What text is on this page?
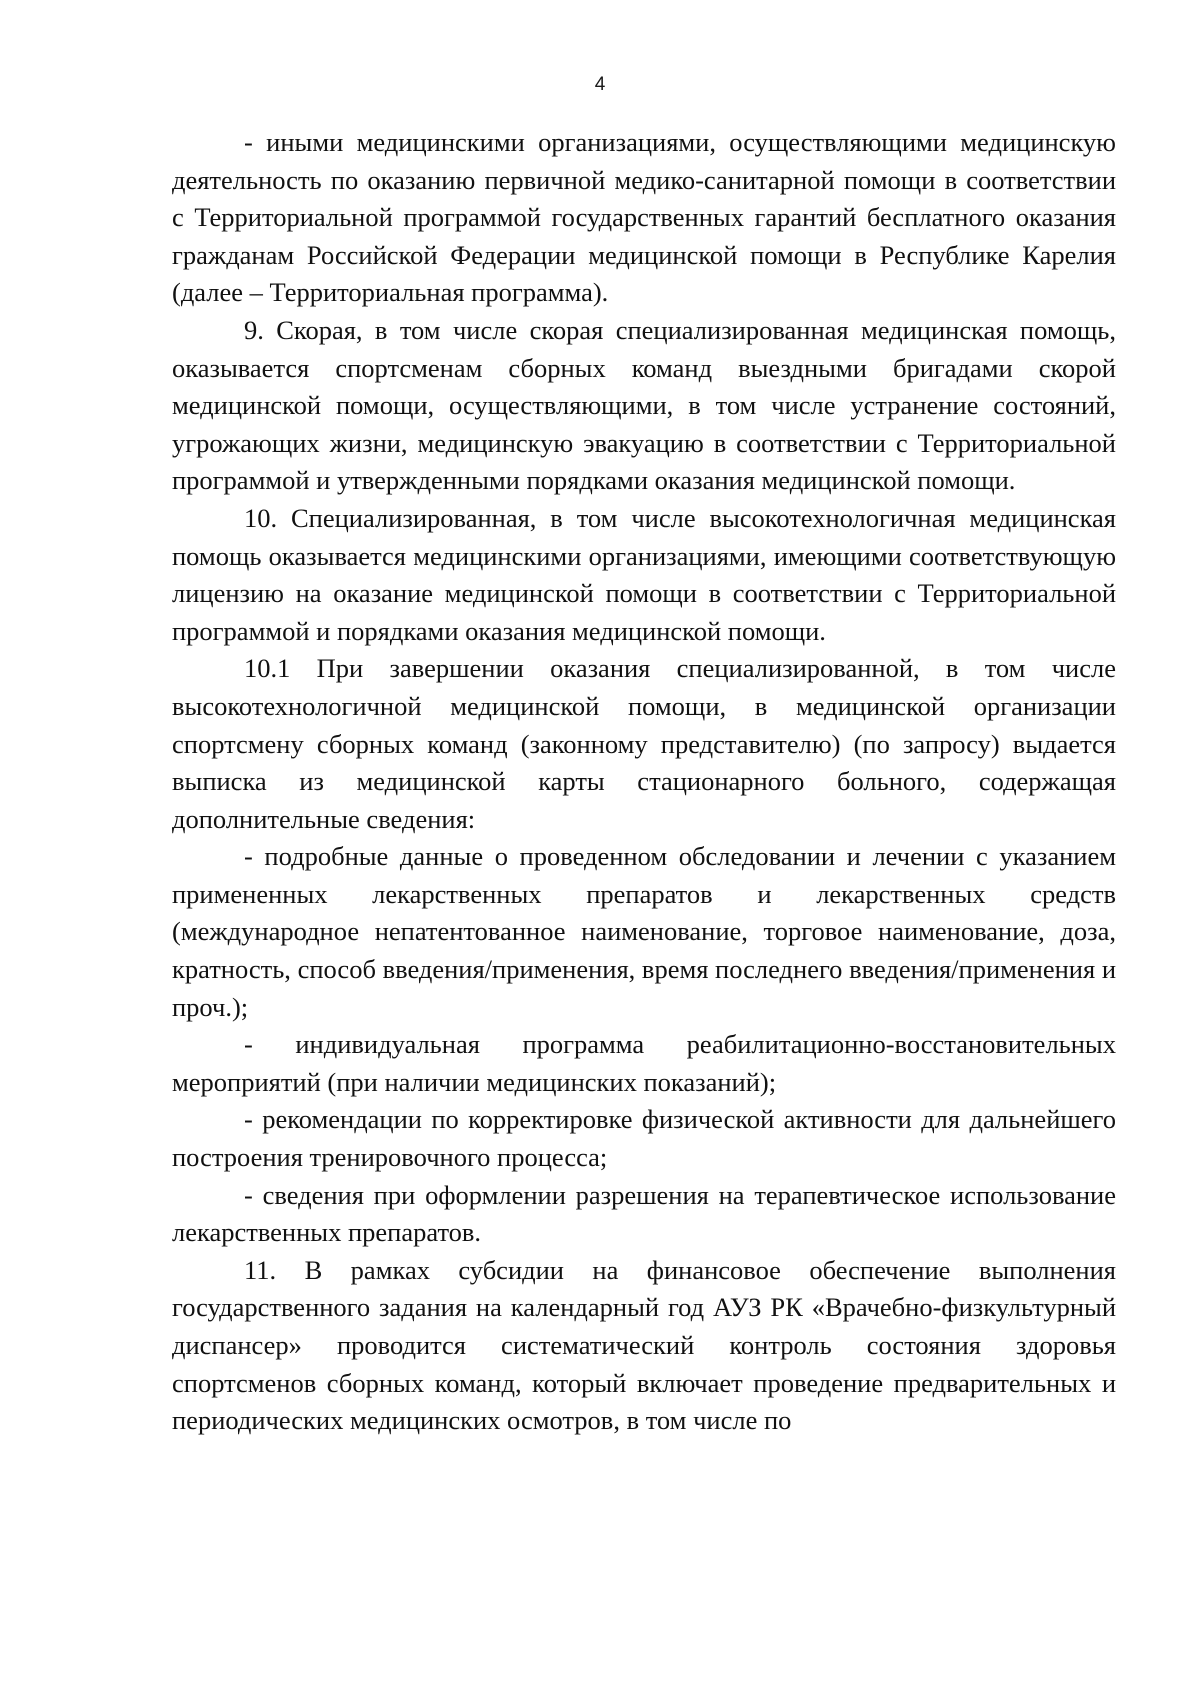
4

- иными медицинскими организациями, осуществляющими медицинскую деятельность по оказанию первичной медико-санитарной помощи в соответствии с Территориальной программой государственных гарантий бесплатного оказания гражданам Российской Федерации медицинской помощи в Республике Карелия (далее – Территориальная программа).

9. Скорая, в том числе скорая специализированная медицинская помощь, оказывается спортсменам сборных команд выездными бригадами скорой медицинской помощи, осуществляющими, в том числе устранение состояний, угрожающих жизни, медицинскую эвакуацию в соответствии с Территориальной программой и утвержденными порядками оказания медицинской помощи.

10. Специализированная, в том числе высокотехнологичная медицинская помощь оказывается медицинскими организациями, имеющими соответствующую лицензию на оказание медицинской помощи в соответствии с Территориальной программой и порядками оказания медицинской помощи.

10.1 При завершении оказания специализированной, в том числе высокотехнологичной медицинской помощи, в медицинской организации спортсмену сборных команд (законному представителю) (по запросу) выдается выписка из медицинской карты стационарного больного, содержащая дополнительные сведения:

- подробные данные о проведенном обследовании и лечении с указанием примененных лекарственных препаратов и лекарственных средств (международное непатентованное наименование, торговое наименование, доза, кратность, способ введения/применения, время последнего введения/применения и проч.);

- индивидуальная программа реабилитационно-восстановительных мероприятий (при наличии медицинских показаний);

- рекомендации по корректировке физической активности для дальнейшего построения тренировочного процесса;

- сведения при оформлении разрешения на терапевтическое использование лекарственных препаратов.

11. В рамках субсидии на финансовое обеспечение выполнения государственного задания на календарный год АУЗ РК «Врачебно-физкультурный диспансер» проводится систематический контроль состояния здоровья спортсменов сборных команд, который включает проведение предварительных и периодических медицинских осмотров, в том числе по
